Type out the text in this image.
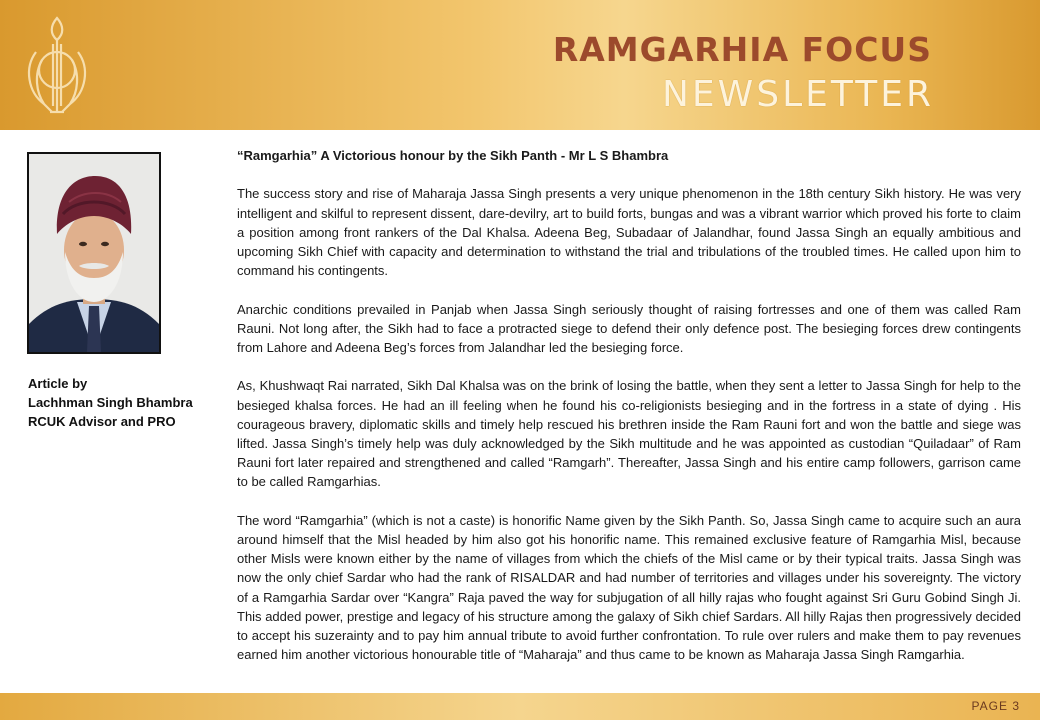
RAMGARHIA FOCUS
NEWSLETTER
Article by
Lachhman Singh Bhambra
RCUK Advisor and PRO
“Ramgarhia” A Victorious honour by the Sikh Panth - Mr L S Bhambra

The success story and rise of Maharaja Jassa Singh presents a very unique phenomenon in the 18th century Sikh history. He was very intelligent and skilful to represent dissent, dare-devilry, art to build forts, bungas and was a vibrant warrior which proved his forte to claim a position among front rankers of the Dal Khalsa. Adeena Beg, Subadaar of Jalandhar, found Jassa Singh an equally ambitious and upcoming Sikh Chief with capacity and determination to withstand the trial and tribulations of the troubled times. He called upon him to command his contingents.

Anarchic conditions prevailed in Panjab when Jassa Singh seriously thought of raising fortresses and one of them was called Ram Rauni. Not long after, the Sikh had to face a protracted siege to defend their only defence post. The besieging forces drew contingents from Lahore and Adeena Beg’s forces from Jalandhar led the besieging force.

As, Khushwaqt Rai narrated, Sikh Dal Khalsa was on the brink of losing the battle, when they sent a letter to Jassa Singh for help to the besieged khalsa forces. He had an ill feeling when he found his co-religionists besieging and in the fortress in a state of dying . His courageous bravery, diplomatic skills and timely help rescued his brethren inside the Ram Rauni fort and won the battle and siege was lifted. Jassa Singh’s timely help was duly acknowledged by the Sikh multitude and he was appointed as custodian “Quiladaar” of Ram Rauni fort later repaired and strengthened and called “Ramgarh”. Thereafter, Jassa Singh and his entire camp followers, garrison came to be called Ramgarhias.

The word “Ramgarhia” (which is not a caste) is honorific Name given by the Sikh Panth. So, Jassa Singh came to acquire such an aura around himself that the Misl headed by him also got his honorific name. This remained exclusive feature of Ramgarhia Misl, because other Misls were known either by the name of villages from which the chiefs of the Misl came or by their typical traits. Jassa Singh was now the only chief Sardar who had the rank of RISALDAR and had number of territories and villages under his sovereignty. The victory of a Ramgarhia Sardar over “Kangra” Raja paved the way for subjugation of all hilly rajas who fought against Sri Guru Gobind Singh Ji. This added power, prestige and legacy of his structure among the galaxy of Sikh chief Sardars. All hilly Rajas then progressively decided to accept his suzerainty and to pay him annual tribute to avoid further confrontation. To rule over rulers and make them to pay revenues earned him another victorious honourable title of “Maharaja” and thus came to be known as Maharaja Jassa Singh Ramgarhia.

PAGE 3
